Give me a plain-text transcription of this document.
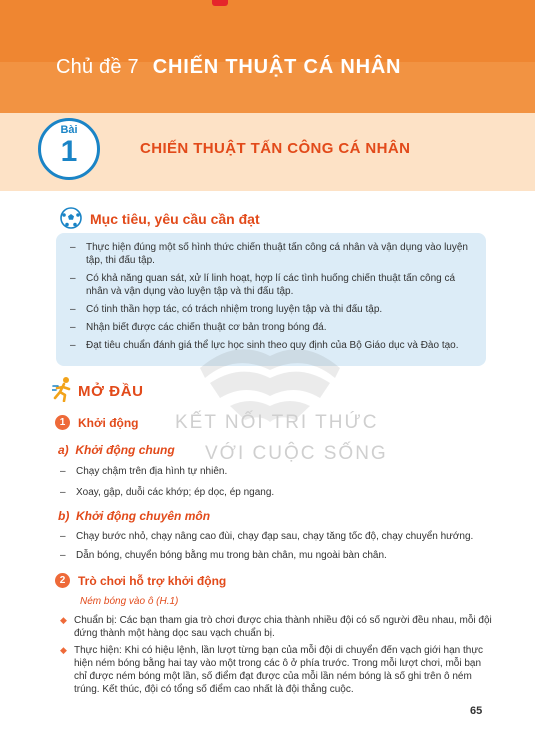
Chủ đề 7 CHIẾN THUẬT CÁ NHÂN
Bài
1	CHIẾN THUẬT TẤN CÔNG CÁ NHÂN
Mục tiêu, yêu cầu cần đạt
– Thực hiện đúng một số hình thức chiến thuật tấn công cá nhân và vận dụng vào luyện tập, thi đấu tập.
– Có khả năng quan sát, xử lí linh hoạt, hợp lí các tình huống chiến thuật tấn công cá nhân và vận dụng vào luyện tập và thi đấu tập.
– Có tinh thần hợp tác, có trách nhiệm trong luyện tập và thi đấu tập.
– Nhận biết được các chiến thuật cơ bản trong bóng đá.
– Đạt tiêu chuẩn đánh giá thể lực học sinh theo quy định của Bộ Giáo dục và Đào tạo.
KẾT NỐI TRI THỨC
VỚI CUỘC SỐNG
MỞ ĐẦU
1	Khởi động
a) Khởi động chung
– Chạy chậm trên địa hình tự nhiên.
– Xoay, gập, duỗi các khớp; ép dọc, ép ngang.
b) Khởi động chuyên môn
– Chạy bước nhỏ, chạy nâng cao đùi, chạy đạp sau, chạy tăng tốc độ, chạy chuyển hướng.
– Dẫn bóng, chuyển bóng bằng mu trong bàn chân, mu ngoài bàn chân.
2	Trò chơi hỗ trợ khởi động
Ném bóng vào ô (H.1)
◆ Chuẩn bị: Các bạn tham gia trò chơi được chia thành nhiều đội có số người đều nhau, mỗi đội đứng thành một hàng dọc sau vạch chuẩn bị.
◆ Thực hiện: Khi có hiệu lệnh, lần lượt từng bạn của mỗi đội di chuyển đến vạch giới hạn thực hiện ném bóng bằng hai tay vào một trong các ô ở phía trước. Trong mỗi lượt chơi, mỗi bạn chỉ được ném bóng một lần, số điểm đạt được của mỗi lần ném bóng là số ghi trên ô ném trúng. Kết thúc, đội có tổng số điểm cao nhất là đội thắng cuộc.
65
